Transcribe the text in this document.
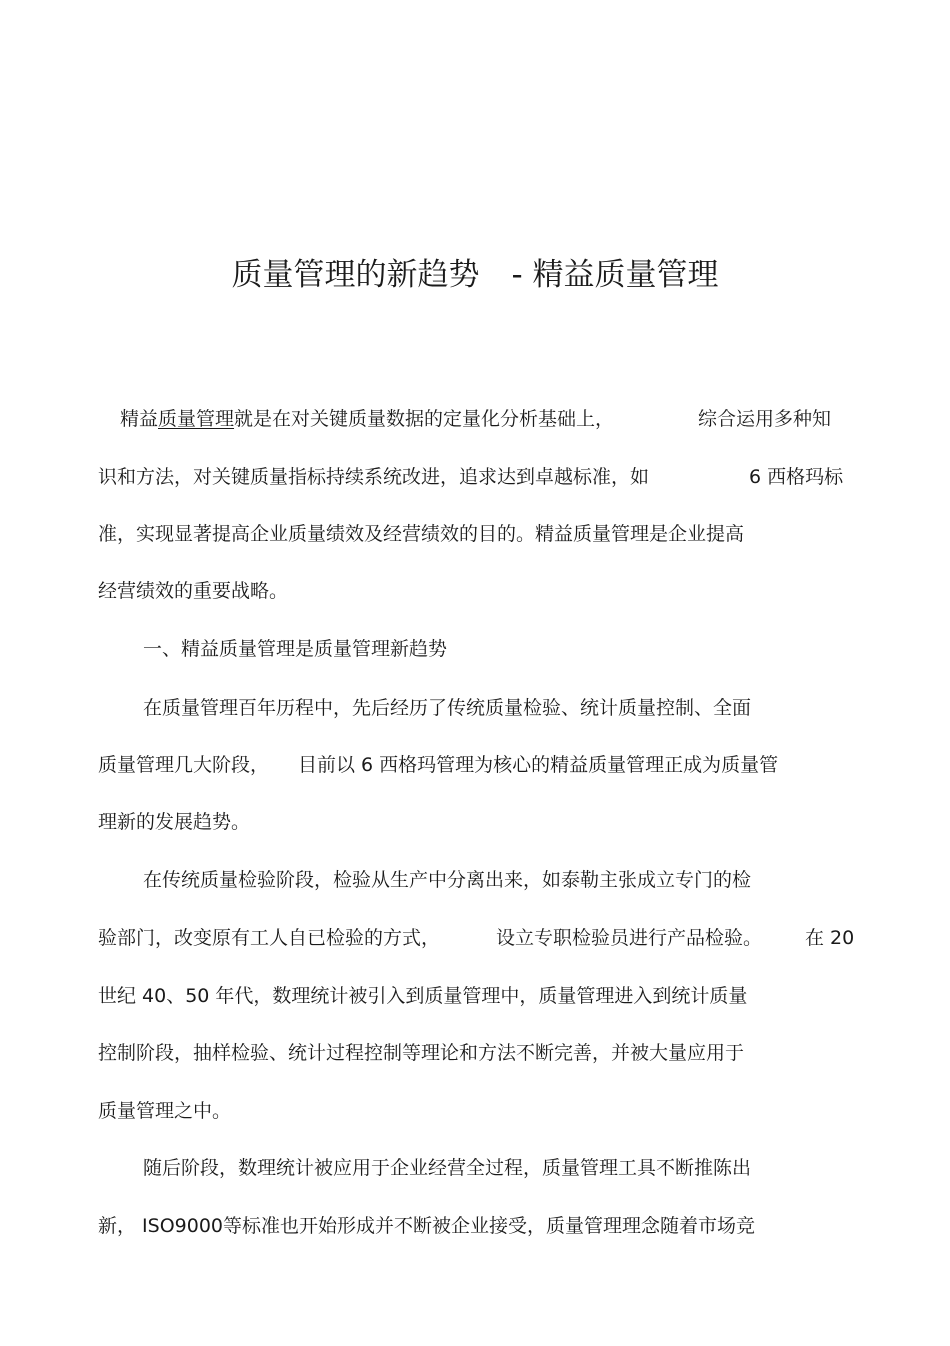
质量管理的新趋势 - 精益质量管理
精益质量管理就是在对关键质量数据的定量化分析基础上，	综合运用多种知
识和方法，对关键质量指标持续系统改进，追求达到卓越标准，如	6 西格玛标
准，实现显著提高企业质量绩效及经营绩效的目的。精益质量管理是企业提高
经营绩效的重要战略。
一、精益质量管理是质量管理新趋势
在质量管理百年历程中，先后经历了传统质量检验、统计质量控制、全面
质量管理几大阶段， 目前以 6 西格玛管理为核心的精益质量管理正成为质量管
理新的发展趋势。
在传统质量检验阶段，检验从生产中分离出来，如泰勒主张成立专门的检
验部门，改变原有工人自已检验的方式，	设立专职检验员进行产品检验。 在 20
世纪 40、50 年代，数理统计被引入到质量管理中，质量管理进入到统计质量
控制阶段，抽样检验、统计过程控制等理论和方法不断完善，并被大量应用于
质量管理之中。
随后阶段，数理统计被应用于企业经营全过程，质量管理工具不断推陈出
新， ISO9000等标准也开始形成并不断被企业接受，质量管理理念随着市场竞
